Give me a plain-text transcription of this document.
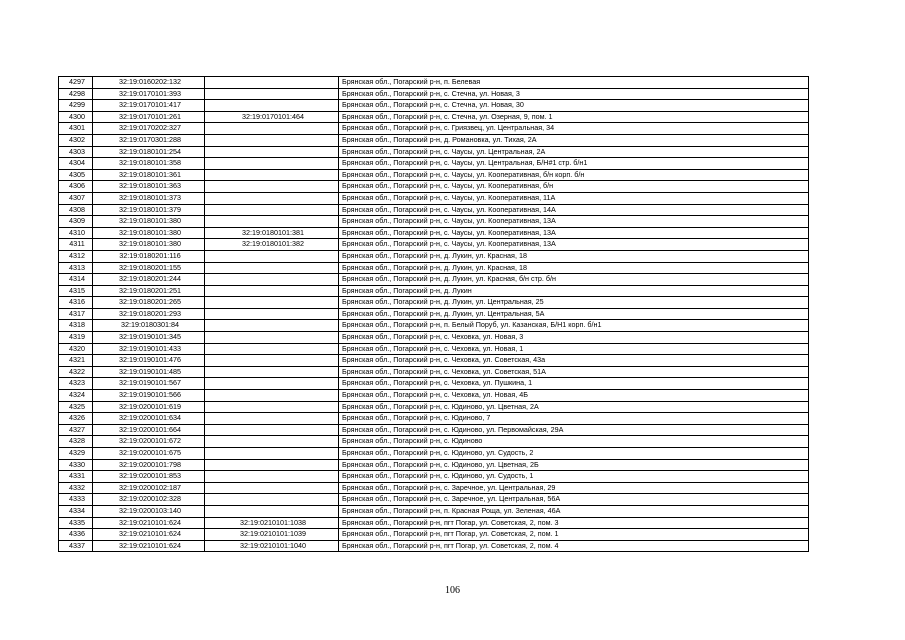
4297	32:19:0160202:132		Брянская обл., Погарский р-н, п. Белевая
4298	32:19:0170101:393		Брянская обл., Погарский р-н, с. Стечна, ул. Новая, 3
4299	32:19:0170101:417		Брянская обл., Погарский р-н, с. Стечна, ул. Новая, 30
4300	32:19:0170101:261	32:19:0170101:464	Брянская обл., Погарский р-н, с. Стечна, ул. Озерная, 9, пом. 1
4301	32:19:0170202:327		Брянская обл., Погарский р-н, с. Гриязвец, ул. Центральная, 34
4302	32:19:0170301:288		Брянская обл., Погарский р-н, д. Романовка, ул. Тихая, 2А
4303	32:19:0180101:254		Брянская обл., Погарский р-н, с. Чаусы, ул. Центральная, 2А
4304	32:19:0180101:358		Брянская обл., Погарский р-н, с. Чаусы, ул. Центральная, Б/Н#1 стр. б/н1
4305	32:19:0180101:361		Брянская обл., Погарский р-н, с. Чаусы, ул. Кооперативная, б/н корп. б/н
4306	32:19:0180101:363		Брянская обл., Погарский р-н, с. Чаусы, ул. Кооперативная, б/н
4307	32:19:0180101:373		Брянская обл., Погарский р-н, с. Чаусы, ул. Кооперативная, 11А
4308	32:19:0180101:379		Брянская обл., Погарский р-н, с. Чаусы, ул. Кооперативная, 14А
4309	32:19:0180101:380		Брянская обл., Погарский р-н, с. Чаусы, ул. Кооперативная, 13А
4310	32:19:0180101:380	32:19:0180101:381	Брянская обл., Погарский р-н, с. Чаусы, ул. Кооперативная, 13А
4311	32:19:0180101:380	32:19:0180101:382	Брянская обл., Погарский р-н, с. Чаусы, ул. Кооперативная, 13А
4312	32:19:0180201:116		Брянская обл., Погарский р-н, д. Лукин, ул. Красная, 18
4313	32:19:0180201:155		Брянская обл., Погарский р-н, д. Лукин, ул. Красная, 18
4314	32:19:0180201:244		Брянская обл., Погарский р-н, д. Лукин, ул. Красная, б/н стр. б/н
4315	32:19:0180201:251		Брянская обл., Погарский р-н, д. Лукин
4316	32:19:0180201:265		Брянская обл., Погарский р-н, д. Лукин, ул. Центральная, 25
4317	32:19:0180201:293		Брянская обл., Погарский р-н, д. Лукин, ул. Центральная, 5А
4318	32:19:0180301:84		Брянская обл., Погарский р-н, п. Белый Поруб, ул. Казанская, Б/Н1 корп. б/н1
4319	32:19:0190101:345		Брянская обл., Погарский р-н, с. Чеховка, ул. Новая, 3
4320	32:19:0190101:433		Брянская обл., Погарский р-н, с. Чеховка, ул. Новая, 1
4321	32:19:0190101:476		Брянская обл., Погарский р-н, с. Чеховка, ул. Советская, 43а
4322	32:19:0190101:485		Брянская обл., Погарский р-н, с. Чеховка, ул. Советская, 51А
4323	32:19:0190101:567		Брянская обл., Погарский р-н, с. Чеховка, ул. Пушкина, 1
4324	32:19:0190101:566		Брянская обл., Погарский р-н, с. Чеховка, ул. Новая, 4Б
4325	32:19:0200101:619		Брянская обл., Погарский р-н, с. Юдиново, ул. Цветная, 2А
4326	32:19:0200101:634		Брянская обл., Погарский р-н, с. Юдиново, 7
4327	32:19:0200101:664		Брянская обл., Погарский р-н, с. Юдиново, ул. Первомайская, 29А
4328	32:19:0200101:672		Брянская обл., Погарский р-н, с. Юдиново
4329	32:19:0200101:675		Брянская обл., Погарский р-н, с. Юдиново, ул. Судость, 2
4330	32:19:0200101:798		Брянская обл., Погарский р-н, с. Юдиново, ул. Цветная, 2Б
4331	32:19:0200101:853		Брянская обл., Погарский р-н, с. Юдиново, ул. Судость, 1
4332	32:19:0200102:187		Брянская обл., Погарский р-н, с. Заречное, ул. Центральная, 29
4333	32:19:0200102:328		Брянская обл., Погарский р-н, с. Заречное, ул. Центральная, 56А
4334	32:19:0200103:140		Брянская обл., Погарский р-н, п. Красная Роща, ул. Зеленая, 46А
4335	32:19:0210101:624	32:19:0210101:1038	Брянская обл., Погарский р-н, пгт Погар, ул. Советская, 2, пом. 3
4336	32:19:0210101:624	32:19:0210101:1039	Брянская обл., Погарский р-н, пгт Погар, ул. Советская, 2, пом. 1
4337	32:19:0210101:624	32:19:0210101:1040	Брянская обл., Погарский р-н, пгт Погар, ул. Советская, 2, пом. 4
106
